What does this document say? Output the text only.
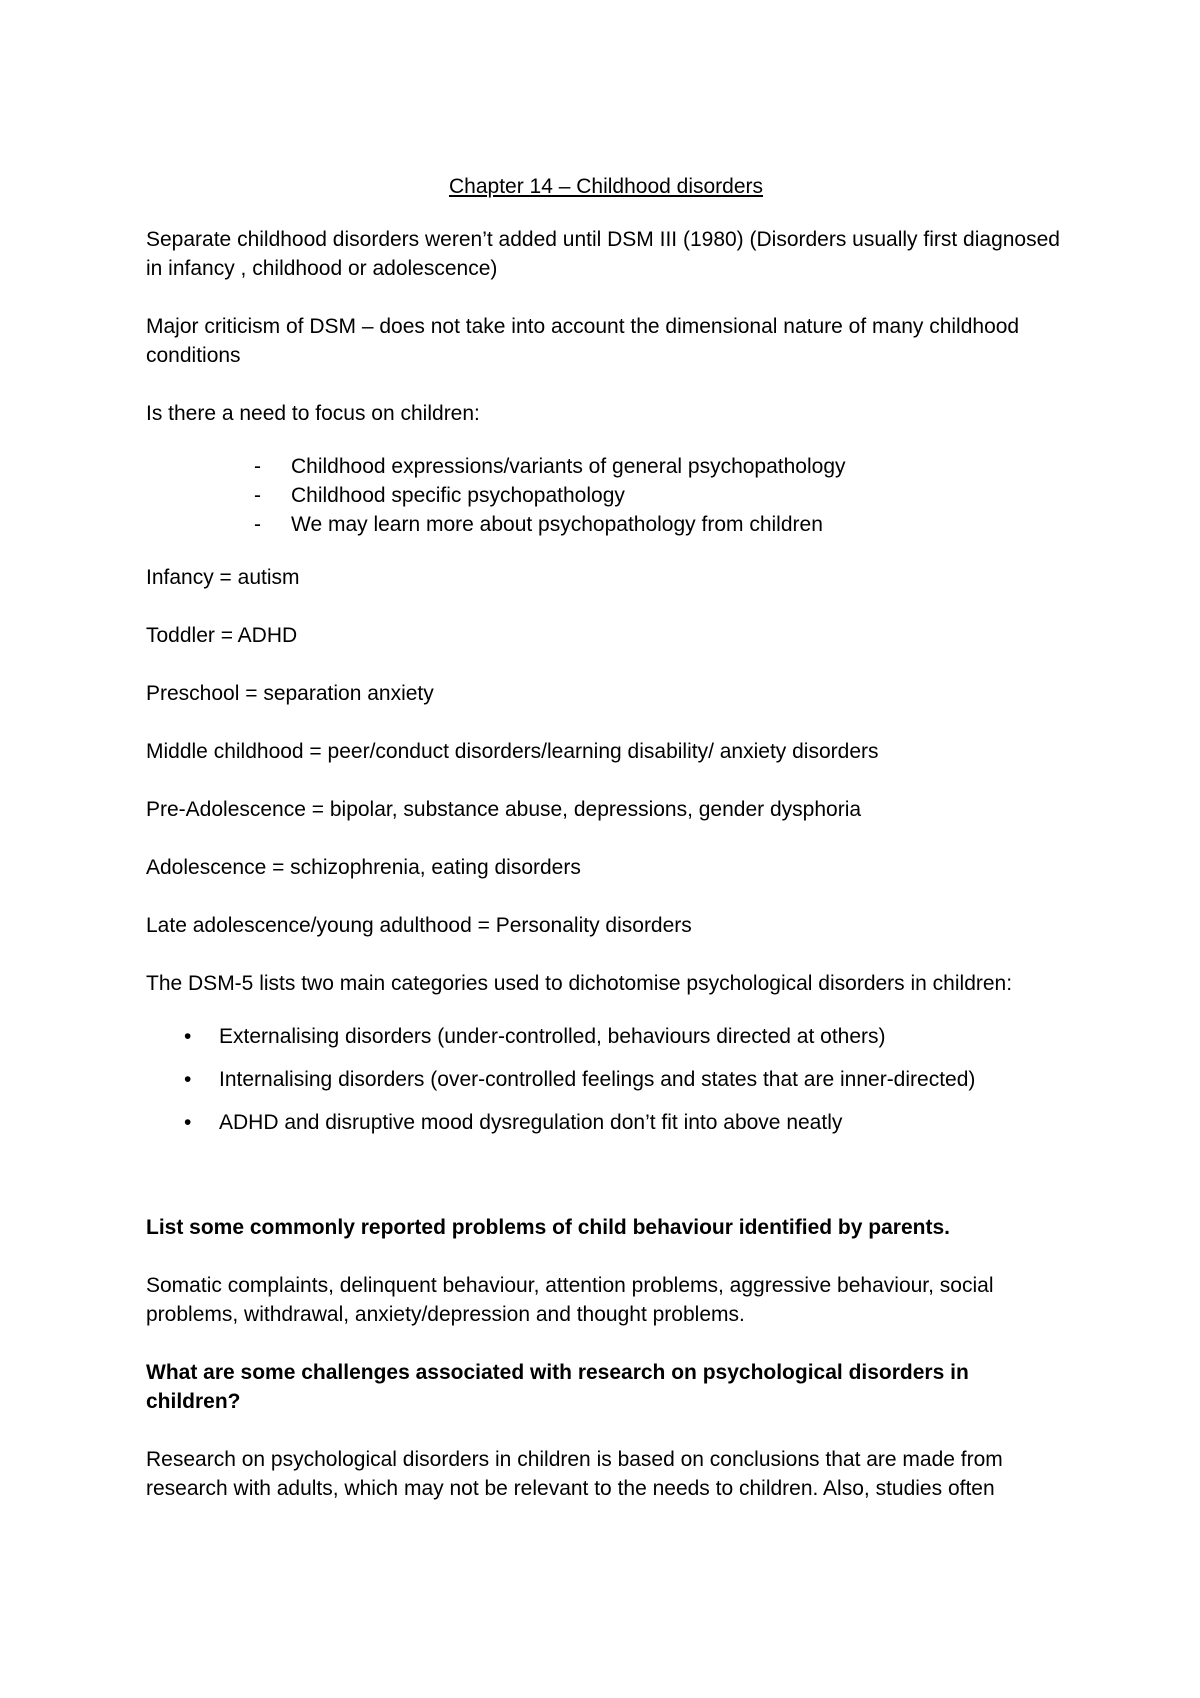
Chapter 14 – Childhood disorders

Separate childhood disorders weren’t added until DSM III (1980) (Disorders usually first diagnosed in infancy , childhood or adolescence)

Major criticism of DSM – does not take into account the dimensional nature of many childhood conditions

Is there a need to focus on children:

- Childhood expressions/variants of general psychopathology
- Childhood specific psychopathology
- We may learn more about psychopathology from children

Infancy = autism

Toddler = ADHD

Preschool = separation anxiety

Middle childhood = peer/conduct disorders/learning disability/ anxiety disorders

Pre-Adolescence = bipolar, substance abuse, depressions, gender dysphoria

Adolescence = schizophrenia, eating disorders

Late adolescence/young adulthood = Personality disorders

The DSM-5 lists two main categories used to dichotomise psychological disorders in children:

• Externalising disorders (under-controlled, behaviours directed at others)
• Internalising disorders (over-controlled feelings and states that are inner-directed)
• ADHD and disruptive mood dysregulation don’t fit into above neatly

List some commonly reported problems of child behaviour identified by parents.

Somatic complaints, delinquent behaviour, attention problems, aggressive behaviour, social problems, withdrawal, anxiety/depression and thought problems.

What are some challenges associated with research on psychological disorders in children?

Research on psychological disorders in children is based on conclusions that are made from research with adults, which may not be relevant to the needs to children. Also, studies often
